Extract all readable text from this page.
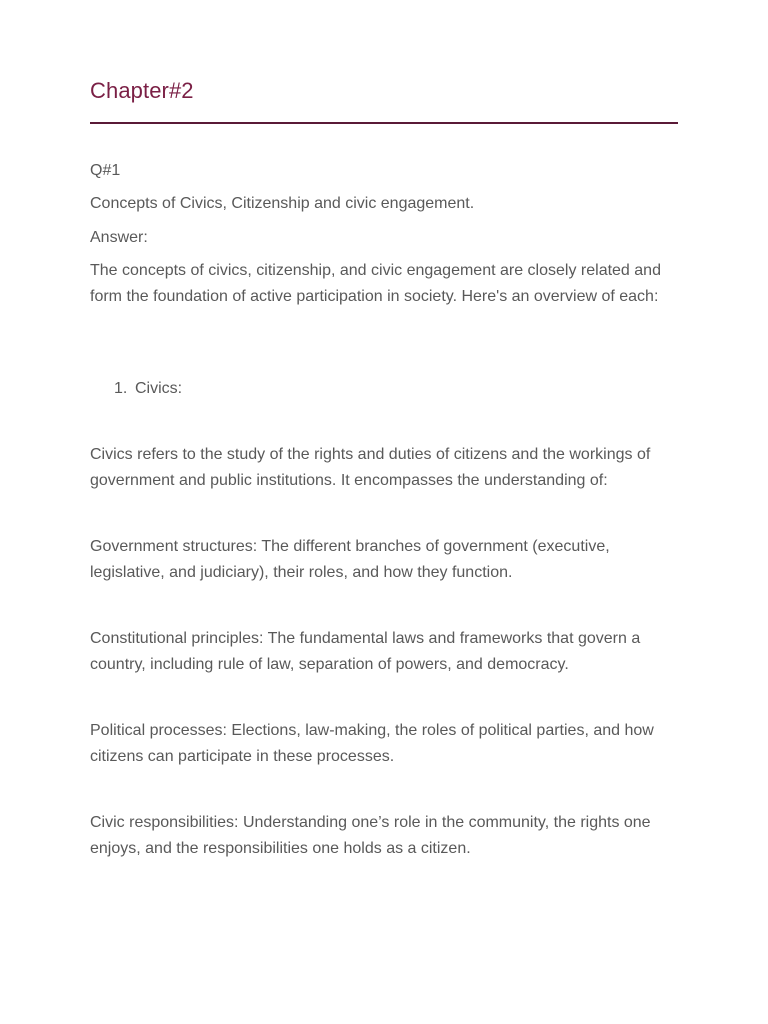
Chapter#2

Q#1

Concepts of Civics, Citizenship and civic engagement.

Answer:

The concepts of civics, citizenship, and civic engagement are closely related and form the foundation of active participation in society. Here's an overview of each:

1. Civics:

Civics refers to the study of the rights and duties of citizens and the workings of government and public institutions. It encompasses the understanding of:

Government structures: The different branches of government (executive, legislative, and judiciary), their roles, and how they function.

Constitutional principles: The fundamental laws and frameworks that govern a country, including rule of law, separation of powers, and democracy.

Political processes: Elections, law-making, the roles of political parties, and how citizens can participate in these processes.

Civic responsibilities: Understanding one’s role in the community, the rights one enjoys, and the responsibilities one holds as a citizen.
